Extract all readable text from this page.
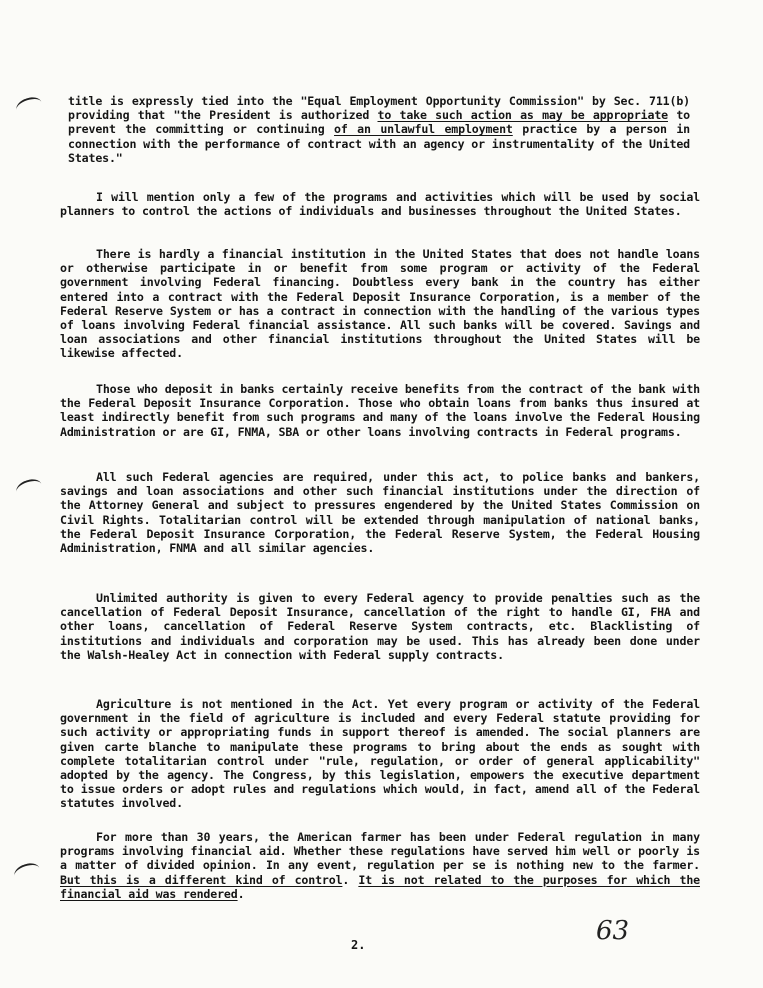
title is expressly tied into the "Equal Employment Opportunity Commission" by Sec. 711(b) providing that "the President is authorized to take such action as may be appropriate to prevent the committing or continuing of an unlawful employment practice by a person in connection with the performance of contract with an agency or instrumentality of the United States."

I will mention only a few of the programs and activities which will be used by social planners to control the actions of individuals and businesses throughout the United States.

There is hardly a financial institution in the United States that does not handle loans or otherwise participate in or benefit from some program or activity of the Federal government involving Federal financing. Doubtless every bank in the country has either entered into a contract with the Federal Deposit Insurance Corporation, is a member of the Federal Reserve System or has a contract in connection with the handling of the various types of loans involving Federal financial assistance. All such banks will be covered. Savings and loan associations and other financial institutions throughout the United States will be likewise affected.

Those who deposit in banks certainly receive benefits from the contract of the bank with the Federal Deposit Insurance Corporation. Those who obtain loans from banks thus insured at least indirectly benefit from such programs and many of the loans involve the Federal Housing Administration or are GI, FNMA, SBA or other loans involving contracts in Federal programs.

All such Federal agencies are required, under this act, to police banks and bankers, savings and loan associations and other such financial institutions under the direction of the Attorney General and subject to pressures engendered by the United States Commission on Civil Rights. Totalitarian control will be extended through manipulation of national banks, the Federal Deposit Insurance Corporation, the Federal Reserve System, the Federal Housing Administration, FNMA and all similar agencies.

Unlimited authority is given to every Federal agency to provide penalties such as the cancellation of Federal Deposit Insurance, cancellation of the right to handle GI, FHA and other loans, cancellation of Federal Reserve System contracts, etc. Blacklisting of institutions and individuals and corporation may be used. This has already been done under the Walsh-Healey Act in connection with Federal supply contracts.

Agriculture is not mentioned in the Act. Yet every program or activity of the Federal government in the field of agriculture is included and every Federal statute providing for such activity or appropriating funds in support thereof is amended. The social planners are given carte blanche to manipulate these programs to bring about the ends as sought with complete totalitarian control under "rule, regulation, or order of general applicability" adopted by the agency. The Congress, by this legislation, empowers the executive department to issue orders or adopt rules and regulations which would, in fact, amend all of the Federal statutes involved.

For more than 30 years, the American farmer has been under Federal regulation in many programs involving financial aid. Whether these regulations have served him well or poorly is a matter of divided opinion. In any event, regulation per se is nothing new to the farmer. But this is a different kind of control. It is not related to the purposes for which the financial aid was rendered.

2.	63
